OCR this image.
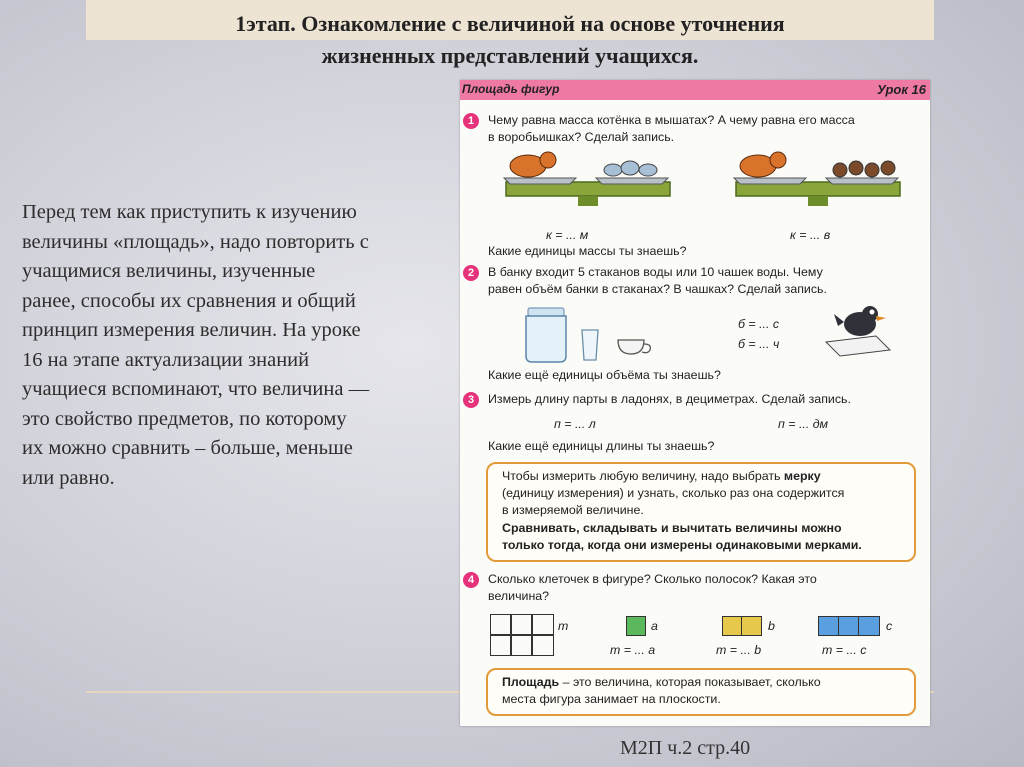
1этап. Ознакомление с величиной на основе уточнения
жизненных представлений учащихся.
Перед тем как приступить к изучению величины «площадь», надо повторить с учащимися величины, изученные ранее, способы их сравнения и общий принцип измерения величин. На уроке 16 на этапе актуализации знаний учащиеся вспоминают, что величина — это свойство предметов, по которому их можно сравнить – больше, меньше или равно.
М2П ч.2 стр.40
Площадь фигур	Урок 16
1	Чему равна масса котёнка в мышатах? А чему равна его масса
в воробьишках? Сделай запись.
к = ... м	к = ... в
Какие единицы массы ты знаешь?
2	В банку входит 5 стаканов воды или 10 чашек воды. Чему
равен объём банки в стаканах? В чашках? Сделай запись.
б = ... с
б = ... ч
Какие ещё единицы объёма ты знаешь?
3	Измерь длину парты в ладонях, в дециметрах. Сделай запись.
п = ... л	п = ... дм
Какие ещё единицы длины ты знаешь?
Чтобы измерить любую величину, надо выбрать мерку
(единицу измерения) и узнать, сколько раз она содержится
в измеряемой величине.
Сравнивать, складывать и вычитать величины можно
только тогда, когда они измерены одинаковыми мерками.
4	Сколько клеточек в фигуре? Сколько полосок? Какая это
величина?
т	а	b	с
т = ... а	т = ... b	т = ... с
Площадь – это величина, которая показывает, сколько
места фигура занимает на плоскости.
